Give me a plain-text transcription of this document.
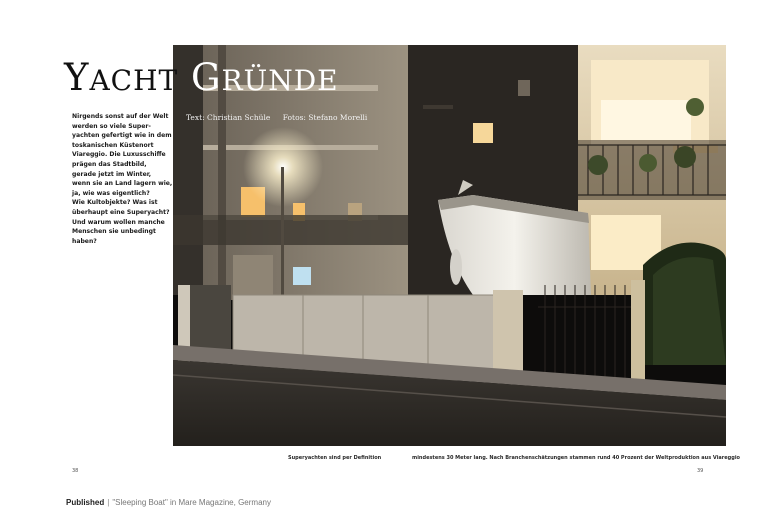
YACHT GRÜNDE
Text: Christian Schüle Fotos: Stefano Morelli
Nirgends sonst auf der Welt
werden so viele Super-
yachten gefertigt wie in dem
toskanischen Küstenort
Viareggio. Die Luxusschiffe
prägen das Stadtbild,
gerade jetzt im Winter,
wenn sie an Land lagern wie,
ja, wie was eigentlich?
Wie Kultobjekte? Was ist
überhaupt eine Superyacht?
Und warum wollen manche
Menschen sie unbedingt
haben?
Superyachten sind per Definition	mindestens 30 Meter lang. Nach Branchenschätzungen stammen rund 40 Prozent der Weltproduktion aus Viareggio
38	39
Published | "Sleeping Boat" in Mare Magazine, Germany
